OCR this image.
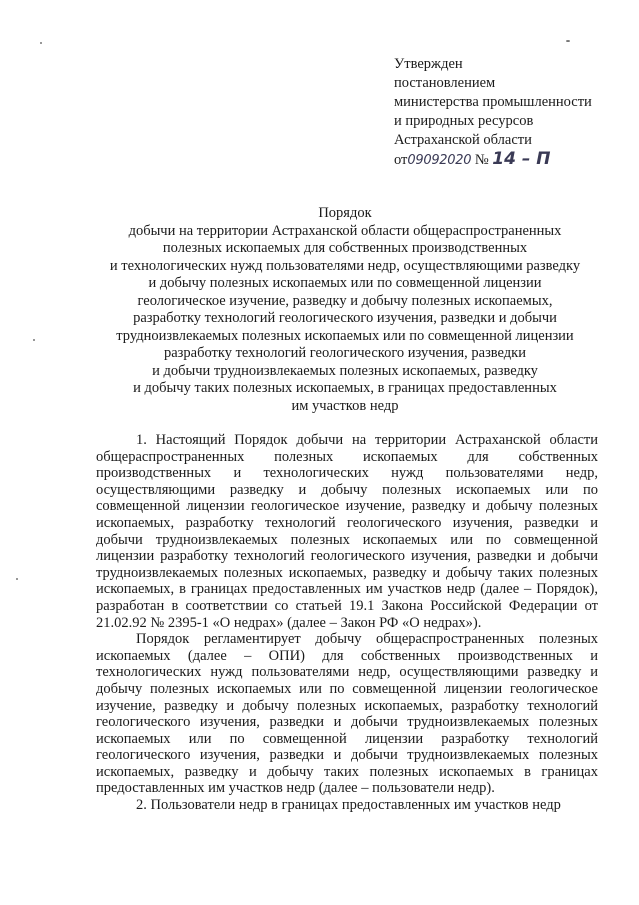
Утвержден
постановлением
министерства промышленности
и природных ресурсов
Астраханской области
от09092020 № 14 – П
Порядок
добычи на территории Астраханской области общераспространенных
полезных ископаемых для собственных производственных
и технологических нужд пользователями недр, осуществляющими разведку
и добычу полезных ископаемых или по совмещенной лицензии
геологическое изучение, разведку и добычу полезных ископаемых,
разработку технологий геологического изучения, разведки и добычи
трудноизвлекаемых полезных ископаемых или по совмещенной лицензии
разработку технологий геологического изучения, разведки
и добычи трудноизвлекаемых полезных ископаемых, разведку
и добычу таких полезных ископаемых, в границах предоставленных
им участков недр

1. Настоящий Порядок добычи на территории Астраханской области общераспространенных полезных ископаемых для собственных производственных и технологических нужд пользователями недр, осуществляющими разведку и добычу полезных ископаемых или по совмещенной лицензии геологическое изучение, разведку и добычу полезных ископаемых, разработку технологий геологического изучения, разведки и добычи трудноизвлекаемых полезных ископаемых или по совмещенной лицензии разработку технологий геологического изучения, разведки и добычи трудноизвлекаемых полезных ископаемых, разведку и добычу таких полезных ископаемых, в границах предоставленных им участков недр (далее – Порядок), разработан в соответствии со статьей 19.1 Закона Российской Федерации от 21.02.92 № 2395-1 «О недрах» (далее – Закон РФ «О недрах»).

Порядок регламентирует добычу общераспространенных полезных ископаемых (далее – ОПИ) для собственных производственных и технологических нужд пользователями недр, осуществляющими разведку и добычу полезных ископаемых или по совмещенной лицензии геологическое изучение, разведку и добычу полезных ископаемых, разработку технологий геологического изучения, разведки и добычи трудноизвлекаемых полезных ископаемых или по совмещенной лицензии разработку технологий геологического изучения, разведки и добычи трудноизвлекаемых полезных ископаемых, разведку и добычу таких полезных ископаемых в границах предоставленных им участков недр (далее – пользователи недр).

2. Пользователи недр в границах предоставленных им участков недр
